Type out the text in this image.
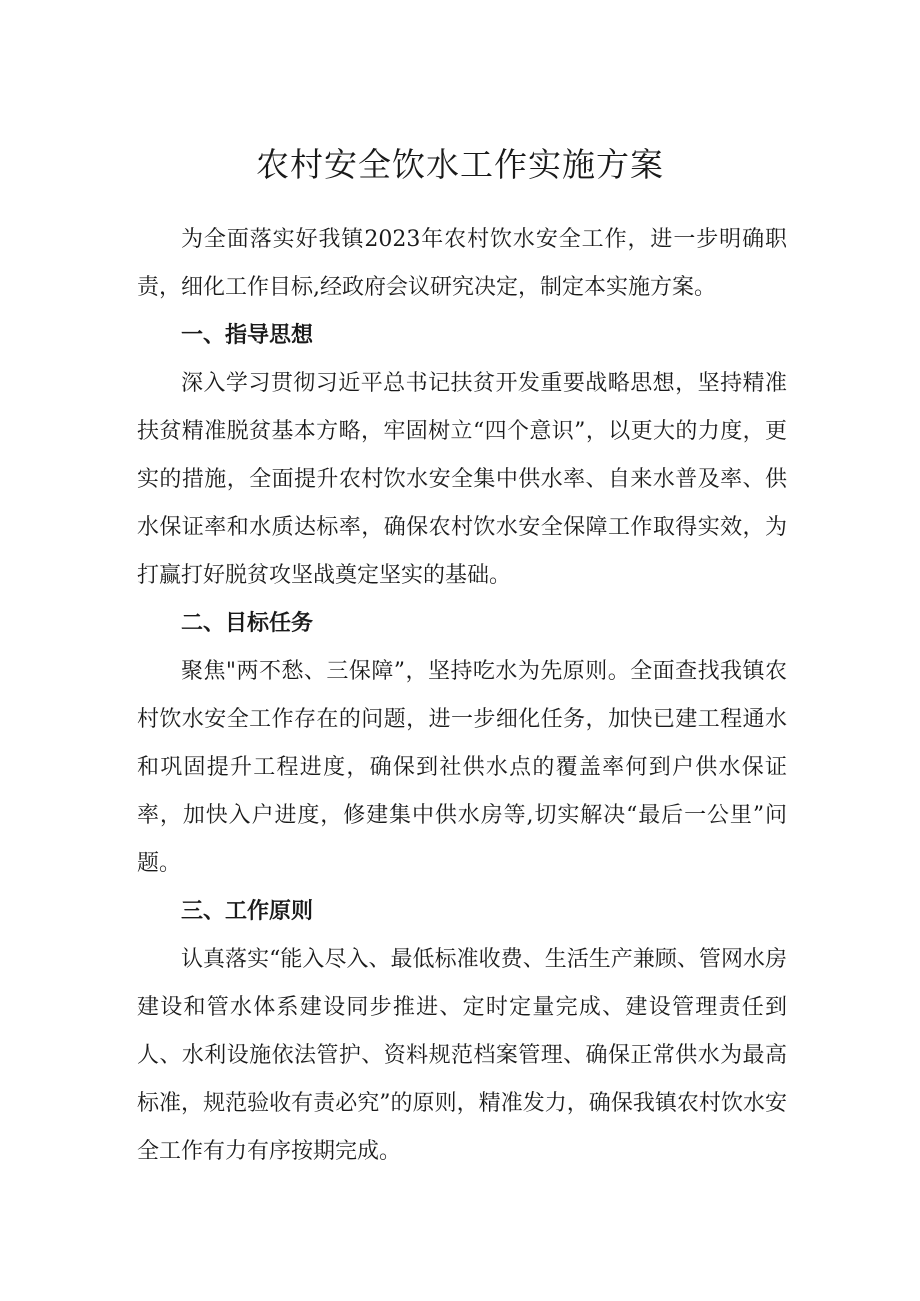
农村安全饮水工作实施方案

为全面落实好我镇2023年农村饮水安全工作，进一步明确职责，细化工作目标,经政府会议研究决定，制定本实施方案。

一、指导思想

深入学习贯彻习近平总书记扶贫开发重要战略思想，坚持精准扶贫精准脱贫基本方略，牢固树立“四个意识”，以更大的力度，更实的措施，全面提升农村饮水安全集中供水率、自来水普及率、供水保证率和水质达标率，确保农村饮水安全保障工作取得实效，为打赢打好脱贫攻坚战奠定坚实的基础。

二、目标任务

聚焦"两不愁、三保障”，坚持吃水为先原则。全面查找我镇农村饮水安全工作存在的问题，进一步细化任务，加快已建工程通水和巩固提升工程进度，确保到社供水点的覆盖率何到户供水保证率，加快入户进度，修建集中供水房等,切实解决“最后一公里”问题。

三、工作原则

认真落实“能入尽入、最低标准收费、生活生产兼顾、管网水房建设和管水体系建设同步推进、定时定量完成、建设管理责任到人、水利设施依法管护、资料规范档案管理、确保正常供水为最高标准，规范验收有责必究”的原则，精准发力，确保我镇农村饮水安全工作有力有序按期完成。
